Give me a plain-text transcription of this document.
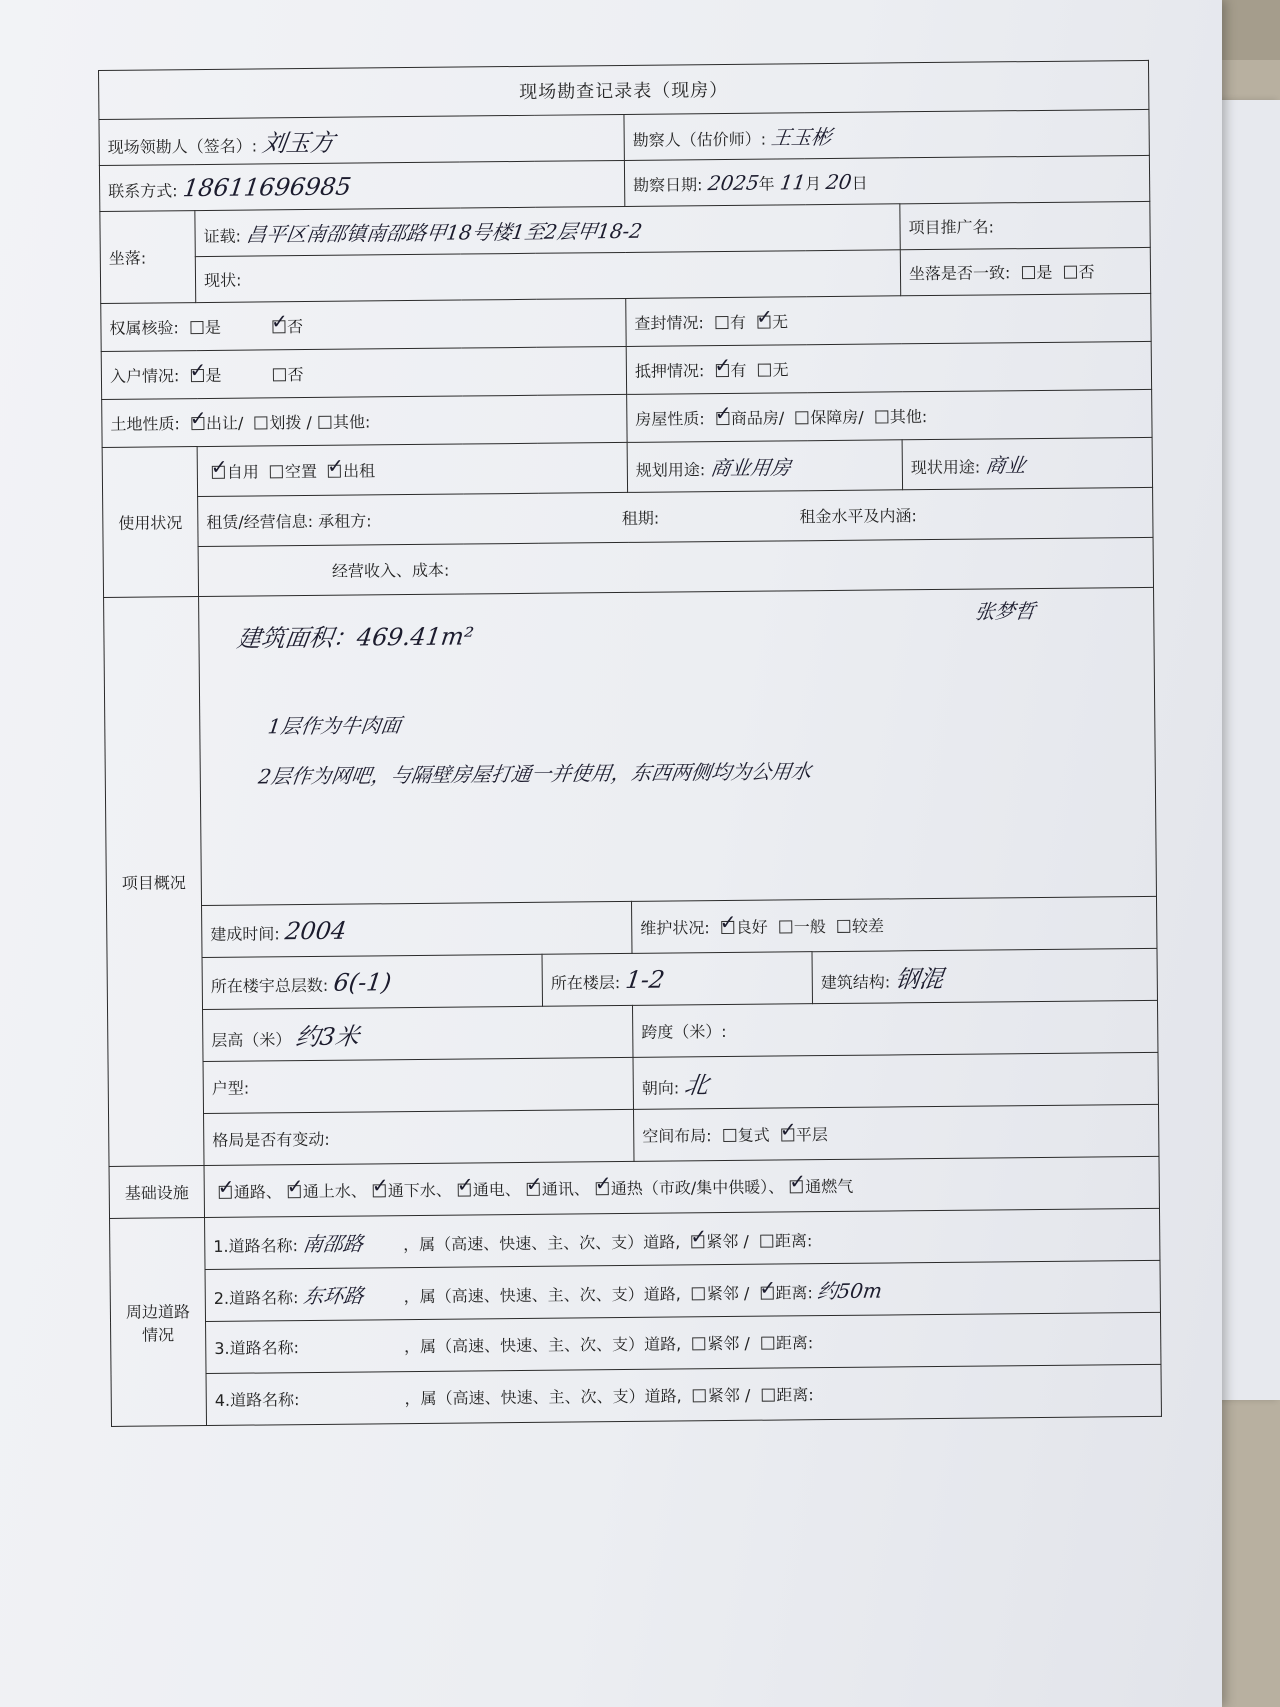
现场勘查记录表（现房）					
现场领勘人（签名）: 刘玉方			勘察人（估价师）: 王玉彬		
联系方式: 18611696985			勘察日期: 2025年 11月 20日		
坐落:	证载: 昌平区南邵镇南邵路甲18号楼1至2层甲18-2				项目推广名:
	现状:				坐落是否一致: 是 否
权属核验: 是 ✓ 否			查封情况: 有 ✓ 无
入户情况: ✓ 是 否			抵押情况: ✓ 有 无
土地性质: ✓ 出让/ 划拨 / 其他:			房屋性质: ✓ 商品房/ 保障房/ 其他:
使用状况	✓自用 空置 ✓ 出租		规划用途: 商业用房		现状用途: 商业
	租赁/经营信息: 承租方: 租期: 租金水平及内涵:				
	经营收入、成本:				
项目概况	建筑面积：469.41m²
张梦哲
1层作为牛肉面
2层作为网吧，与隔壁房屋打通一并使用，东西两侧均为公用水				

	建成时间: 2004		维护状况: ✓ 良好 一般 较差
	所在楼宇总层数: 6(-1)	所在楼层: 1-2		建筑结构: 钢混	
	层高（米） 约3米		跨度（米）:		
	户型:		朝向: 北		
	格局是否有变动:		空间布局: 复式 ✓ 平层
基础设施	✓通路、 ✓ 通上水、 ✓ 通下水、 ✓ 通电、 ✓ 通讯、 ✓ 通热（市政/集中供暖）、 ✓ 通燃气
周边道路情况	1.道路名称: 南邵路 ，属（高速、快速、主、次、支）道路, ✓ 紧邻 / 距离:
	2.道路名称: 东环路 ，属（高速、快速、主、次、支）道路, 紧邻 / ✓ 距离: 约50m
	3.道路名称: ，属（高速、快速、主、次、支）道路, 紧邻 / 距离:				
	4.道路名称: ，属（高速、快速、主、次、支）道路, 紧邻 / 距离:				
